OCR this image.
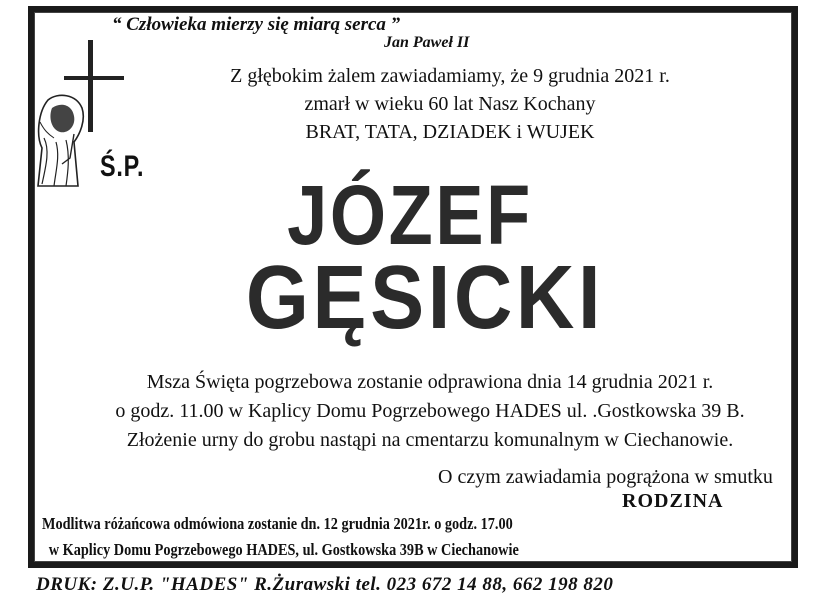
“ Człowieka mierzy się miarą serca ”
Jan Paweł II
Ś.P.
Z głębokim żalem zawiadamiamy, że 9 grudnia 2021 r.
zmarł w wieku 60 lat Nasz Kochany
BRAT, TATA, DZIADEK i WUJEK
JÓZEF
GĘSICKI
Msza Święta pogrzebowa zostanie odprawiona dnia 14 grudnia 2021 r.
o godz. 11.00 w Kaplicy Domu Pogrzebowego HADES ul. .Gostkowska 39 B.
Złożenie urny do grobu nastąpi na cmentarzu komunalnym w Ciechanowie.
O czym zawiadamia pogrążona w smutku
RODZINA
Modlitwa różańcowa odmówiona zostanie dn. 12 grudnia 2021r. o godz. 17.00
w Kaplicy Domu Pogrzebowego HADES, ul. Gostkowska 39B w Ciechanowie
DRUK: Z.U.P. "HADES" R.Żurawski tel. 023 672 14 88, 662 198 820
